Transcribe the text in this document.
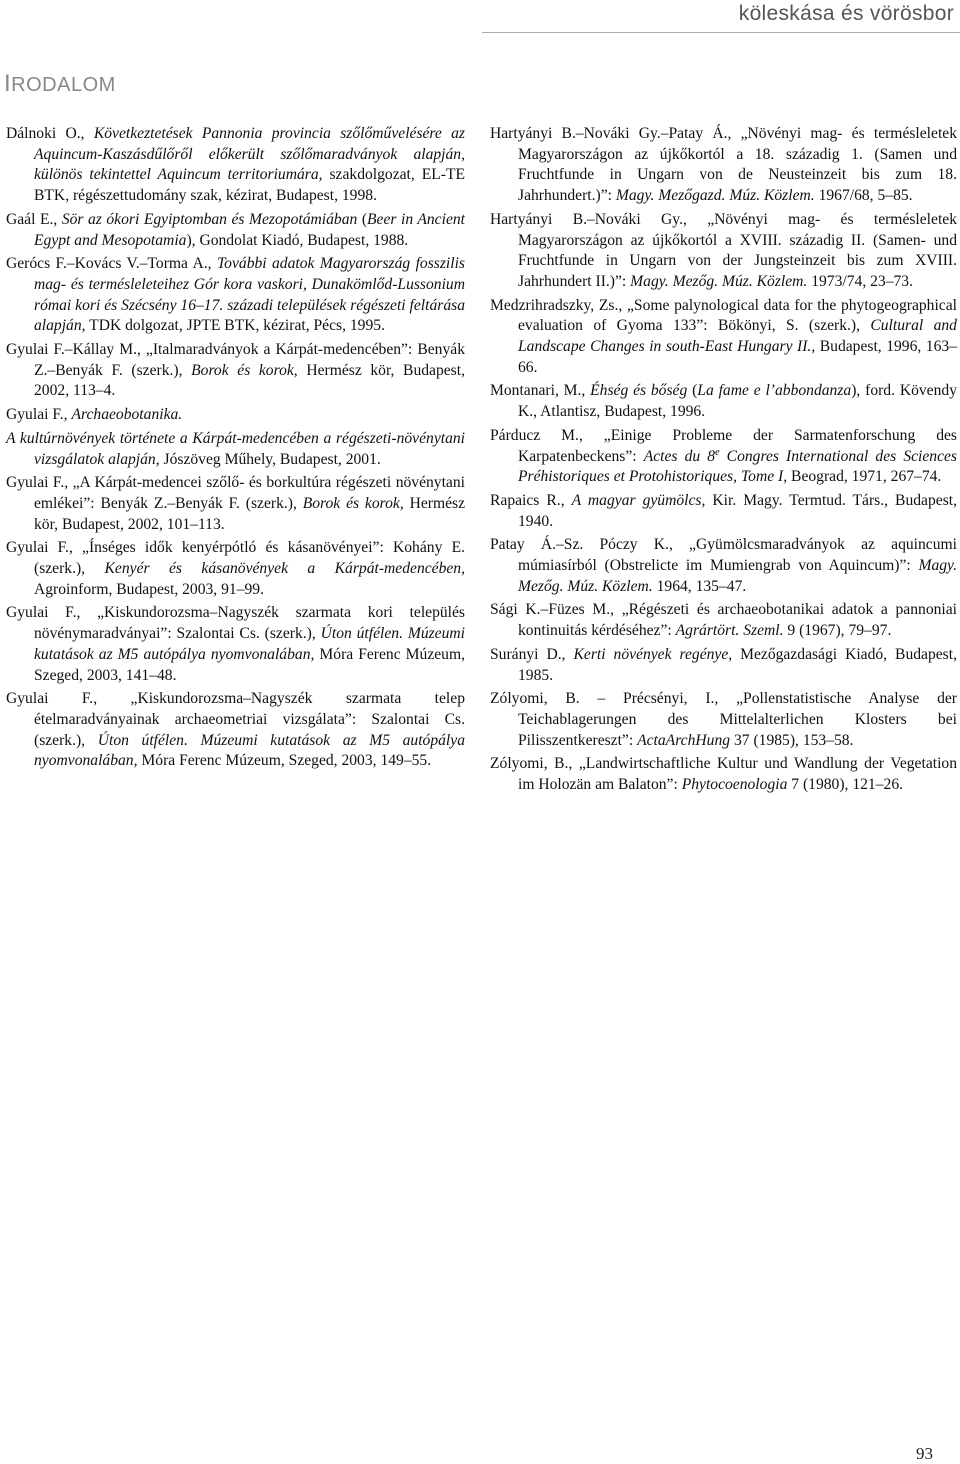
köleskása és vörösbor
IRODALOM

Dálnoki O., Következtetések Pannonia provincia szőlőművelésére az Aquincum-Kaszásdűlőről előkerült szőlőmaradványok alapján, különös tekintettel Aquincum territoriumára, szakdolgozat, EL-TE BTK, régészettudomány szak, kézirat, Budapest, 1998.

Gaál E., Sör az ókori Egyiptomban és Mezopotámiában (Beer in Ancient Egypt and Mesopotamia), Gondolat Kiadó, Budapest, 1988.

Gerócs F.–Kovács V.–Torma A., További adatok Magyarország fosszilis mag- és termésleleteihez Gór kora vaskori, Dunakömlőd-Lussonium római kori és Szécsény 16–17. századi települések régészeti feltárása alapján, TDK dolgozat, JPTE BTK, kézirat, Pécs, 1995.

Gyulai F.–Kállay M., „Italmaradványok a Kárpát-medencében”: Benyák Z.–Benyák F. (szerk.), Borok és korok, Hermész kör, Budapest, 2002, 113–4.

Gyulai F., Archaeobotanika.

A kultúrnövények története a Kárpát-medencében a régészeti-növénytani vizsgálatok alapján, Jószöveg Műhely, Budapest, 2001.

Gyulai F., „A Kárpát-medencei szőlő- és borkultúra régészeti növénytani emlékei”: Benyák Z.–Benyák F. (szerk.), Borok és korok, Hermész kör, Budapest, 2002, 101–113.

Gyulai F., „Ínséges idők kenyérpótló és kásanövényei”: Kohány E. (szerk.), Kenyér és kásanövények a Kárpát-medencében, Agroinform, Budapest, 2003, 91–99.

Gyulai F., „Kiskundorozsma–Nagyszék szarmata kori település növénymaradványai”: Szalontai Cs. (szerk.), Úton útfélen. Múzeumi kutatások az M5 autópálya nyomvonalában, Móra Ferenc Múzeum, Szeged, 2003, 141–48.

Gyulai F., „Kiskundorozsma–Nagyszék szarmata telep ételmaradványainak archaeometriai vizsgálata”: Szalontai Cs. (szerk.), Úton útfélen. Múzeumi kutatások az M5 autópálya nyomvonalában, Móra Ferenc Múzeum, Szeged, 2003, 149–55.

Hartyányi B.–Nováki Gy.–Patay Á., „Növényi mag- és termésleletek Magyarországon az újkőkortól a 18. századig 1. (Samen und Fruchtfunde in Ungarn von de Neusteinzeit bis zum 18. Jahrhundert.)”: Magy. Mezőgazd. Múz. Közlem. 1967/68, 5–85.

Hartyányi B.–Nováki Gy., „Növényi mag- és termésleletek Magyarországon az újkőkortól a XVIII. századig II. (Samen- und Fruchtfunde in Ungarn von der Jungsteinzeit bis zum XVIII. Jahrhundert II.)”: Magy. Mezőg. Múz. Közlem. 1973/74, 23–73.

Medzrihradszky, Zs., „Some palynological data for the phytogeographical evaluation of Gyoma 133”: Bökönyi, S. (szerk.), Cultural and Landscape Changes in south-East Hungary II., Budapest, 1996, 163–66.

Montanari, M., Éhség és bőség (La fame e l’abbondanza), ford. Kövendy K., Atlantisz, Budapest, 1996.

Párducz M., „Einige Probleme der Sarmatenforschung des Karpatenbeckens”: Actes du 8e Congres International des Sciences Préhistoriques et Protohistoriques, Tome I, Beograd, 1971, 267–74.

Rapaics R., A magyar gyümölcs, Kir. Magy. Termtud. Társ., Budapest, 1940.

Patay Á.–Sz. Póczy K., „Gyümölcsmaradványok az aquincumi múmiasírból (Obstrelicte im Mumiengrab von Aquincum)”: Magy. Mezőg. Múz. Közlem. 1964, 135–47.

Sági K.–Füzes M., „Régészeti és archaeobotanikai adatok a pannoniai kontinuitás kérdéséhez”: Agrártört. Szeml. 9 (1967), 79–97.

Surányi D., Kerti növények regénye, Mezőgazdasági Kiadó, Budapest, 1985.

Zólyomi, B. – Précsényi, I., „Pollenstatistische Analyse der Teichablagerungen des Mittelalterlichen Klosters bei Pilisszentkereszt”: ActaArchHung 37 (1985), 153–58.

Zólyomi, B., „Landwirtschaftliche Kultur und Wandlung der Vegetation im Holozän am Balaton”: Phytocoenologia 7 (1980), 121–26.

93
